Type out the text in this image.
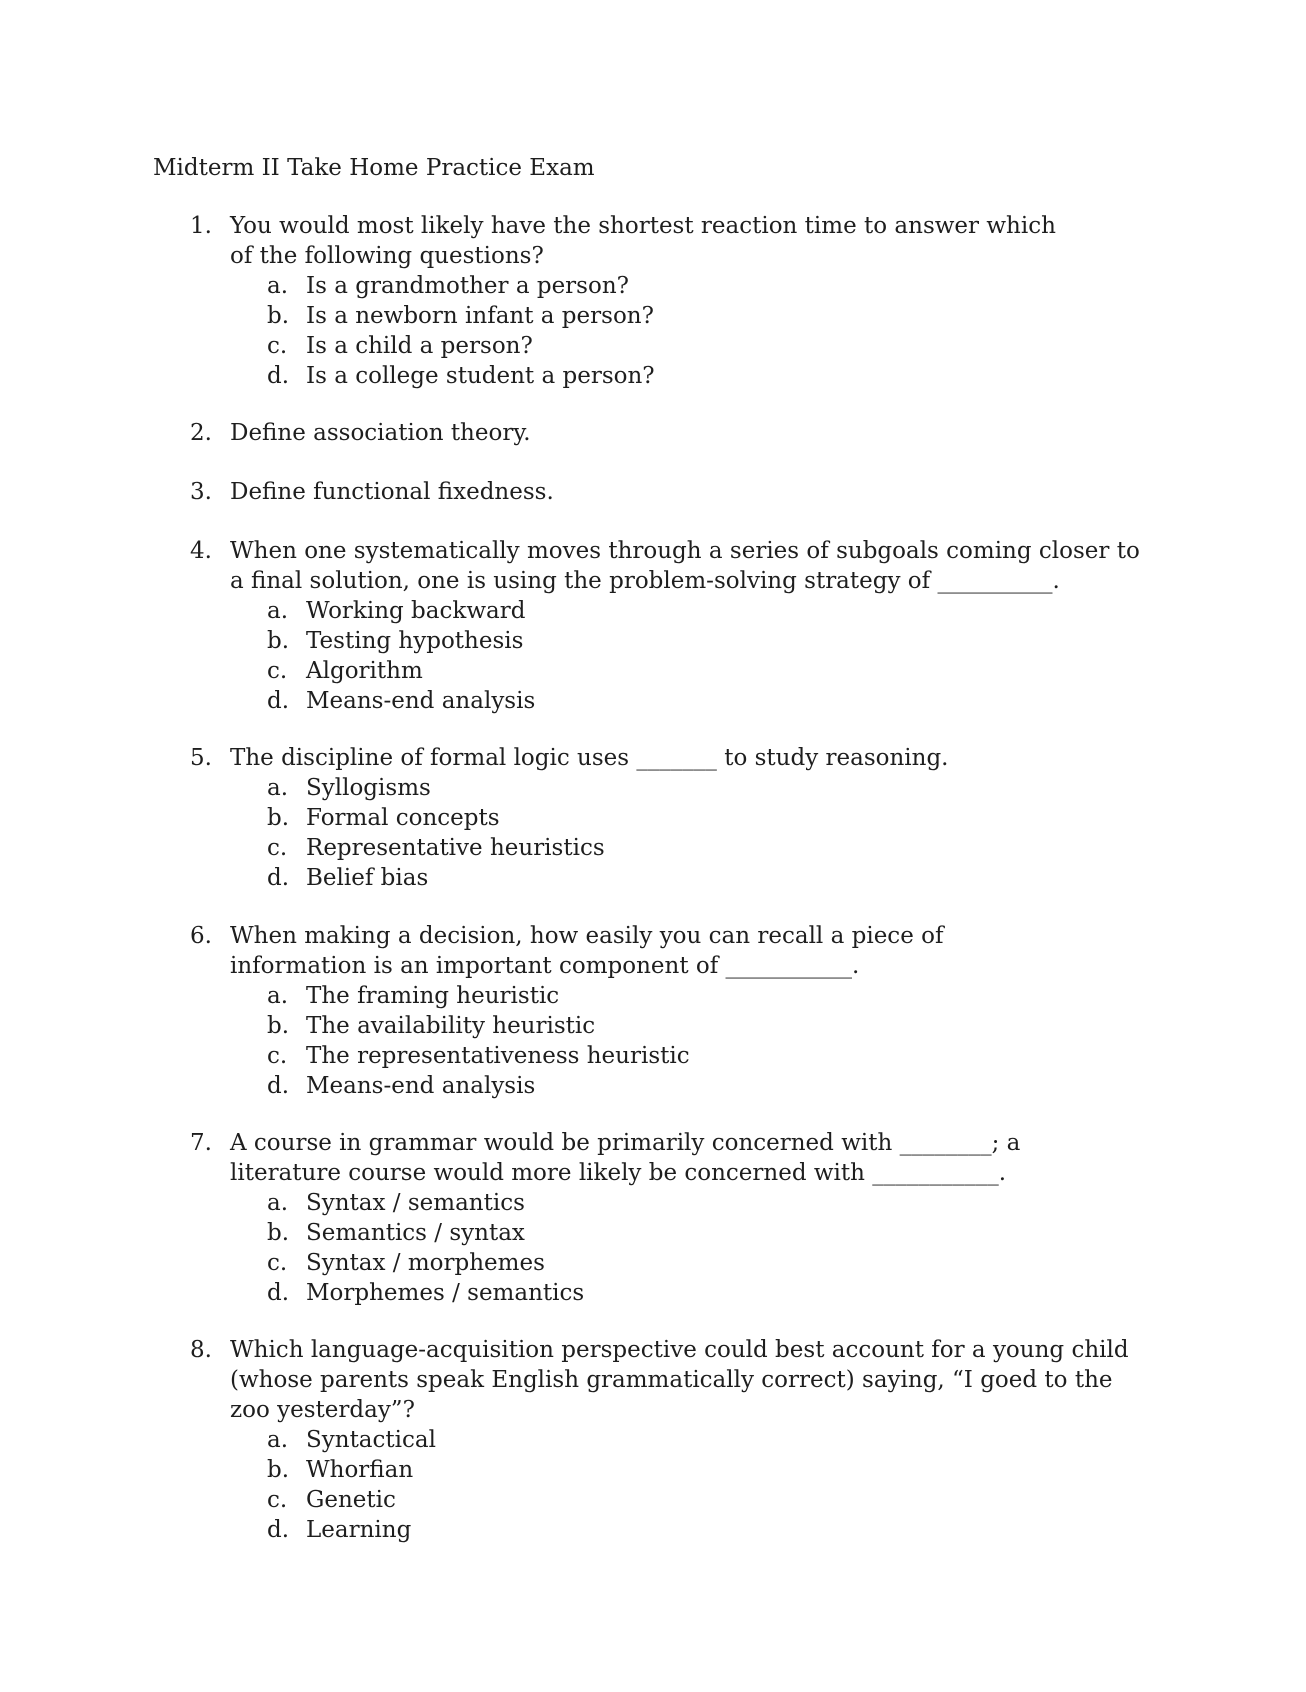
Midterm II Take Home Practice Exam
1. You would most likely have the shortest reaction time to answer which of the following questions?
a. Is a grandmother a person?
b. Is a newborn infant a person?
c. Is a child a person?
d. Is a college student a person?
2. Define association theory.
3. Define functional fixedness.
4. When one systematically moves through a series of subgoals coming closer to a final solution, one is using the problem-solving strategy of __________.
a. Working backward
b. Testing hypothesis
c. Algorithm
d. Means-end analysis
5. The discipline of formal logic uses _______ to study reasoning.
a. Syllogisms
b. Formal concepts
c. Representative heuristics
d. Belief bias
6. When making a decision, how easily you can recall a piece of information is an important component of ___________.
a. The framing heuristic
b. The availability heuristic
c. The representativeness heuristic
d. Means-end analysis
7. A course in grammar would be primarily concerned with ________; a literature course would more likely be concerned with ___________.
a. Syntax / semantics
b. Semantics / syntax
c. Syntax / morphemes
d. Morphemes / semantics
8. Which language-acquisition perspective could best account for a young child (whose parents speak English grammatically correct) saying, “I goed to the zoo yesterday”?
a. Syntactical
b. Whorfian
c. Genetic
d. Learning
